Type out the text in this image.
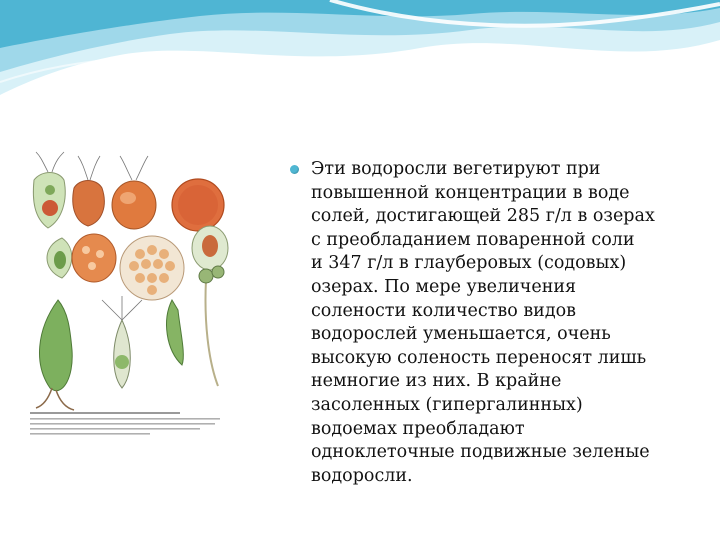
Эти водоросли вегетируют при
повышенной концентрации в воде
солей, достигающей 285 г/л в озерах
с преобладанием поваренной соли
и 347 г/л в глауберовых (содовых)
озерах. По мере увеличения
солености количество видов
водорослей уменьшается, очень
высокую соленость переносят лишь
немногие из них. В крайне
засоленных (гипергалинных)
водоемах преобладают
одноклеточные подвижные зеленые
водоросли.
